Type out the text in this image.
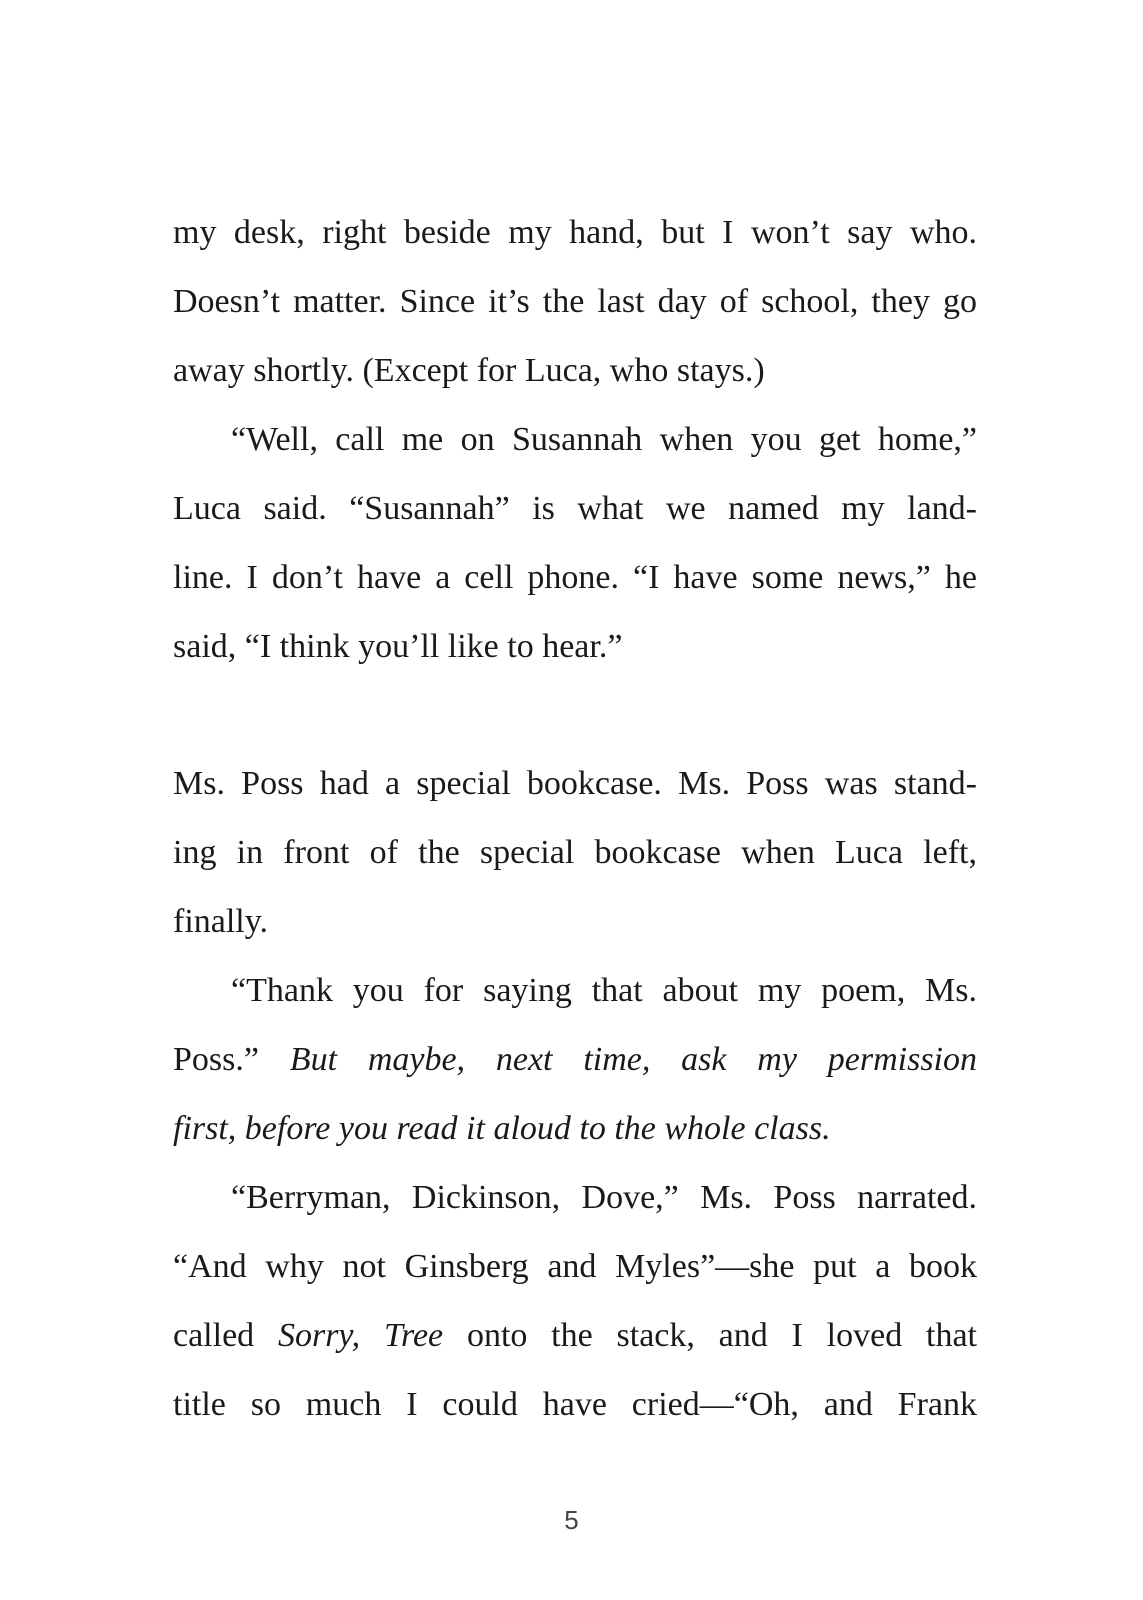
my desk, right beside my hand, but I won’t say who.
Doesn’t matter. Since it’s the last day of school, they go
away shortly. (Except for Luca, who stays.)
“Well, call me on Susannah when you get home,”
Luca said. “Susannah” is what we named my land-
line. I don’t have a cell phone. “I have some news,” he
said, “I think you’ll like to hear.”
Ms. Poss had a special bookcase. Ms. Poss was stand-
ing in front of the special bookcase when Luca left,
finally.
“Thank you for saying that about my poem, Ms.
Poss.” But maybe, next time, ask my permission
first, before you read it aloud to the whole class.
“Berryman, Dickinson, Dove,” Ms. Poss narrated.
“And why not Ginsberg and Myles”—she put a book
called Sorry, Tree onto the stack, and I loved that
title so much I could have cried—“Oh, and Frank
5
